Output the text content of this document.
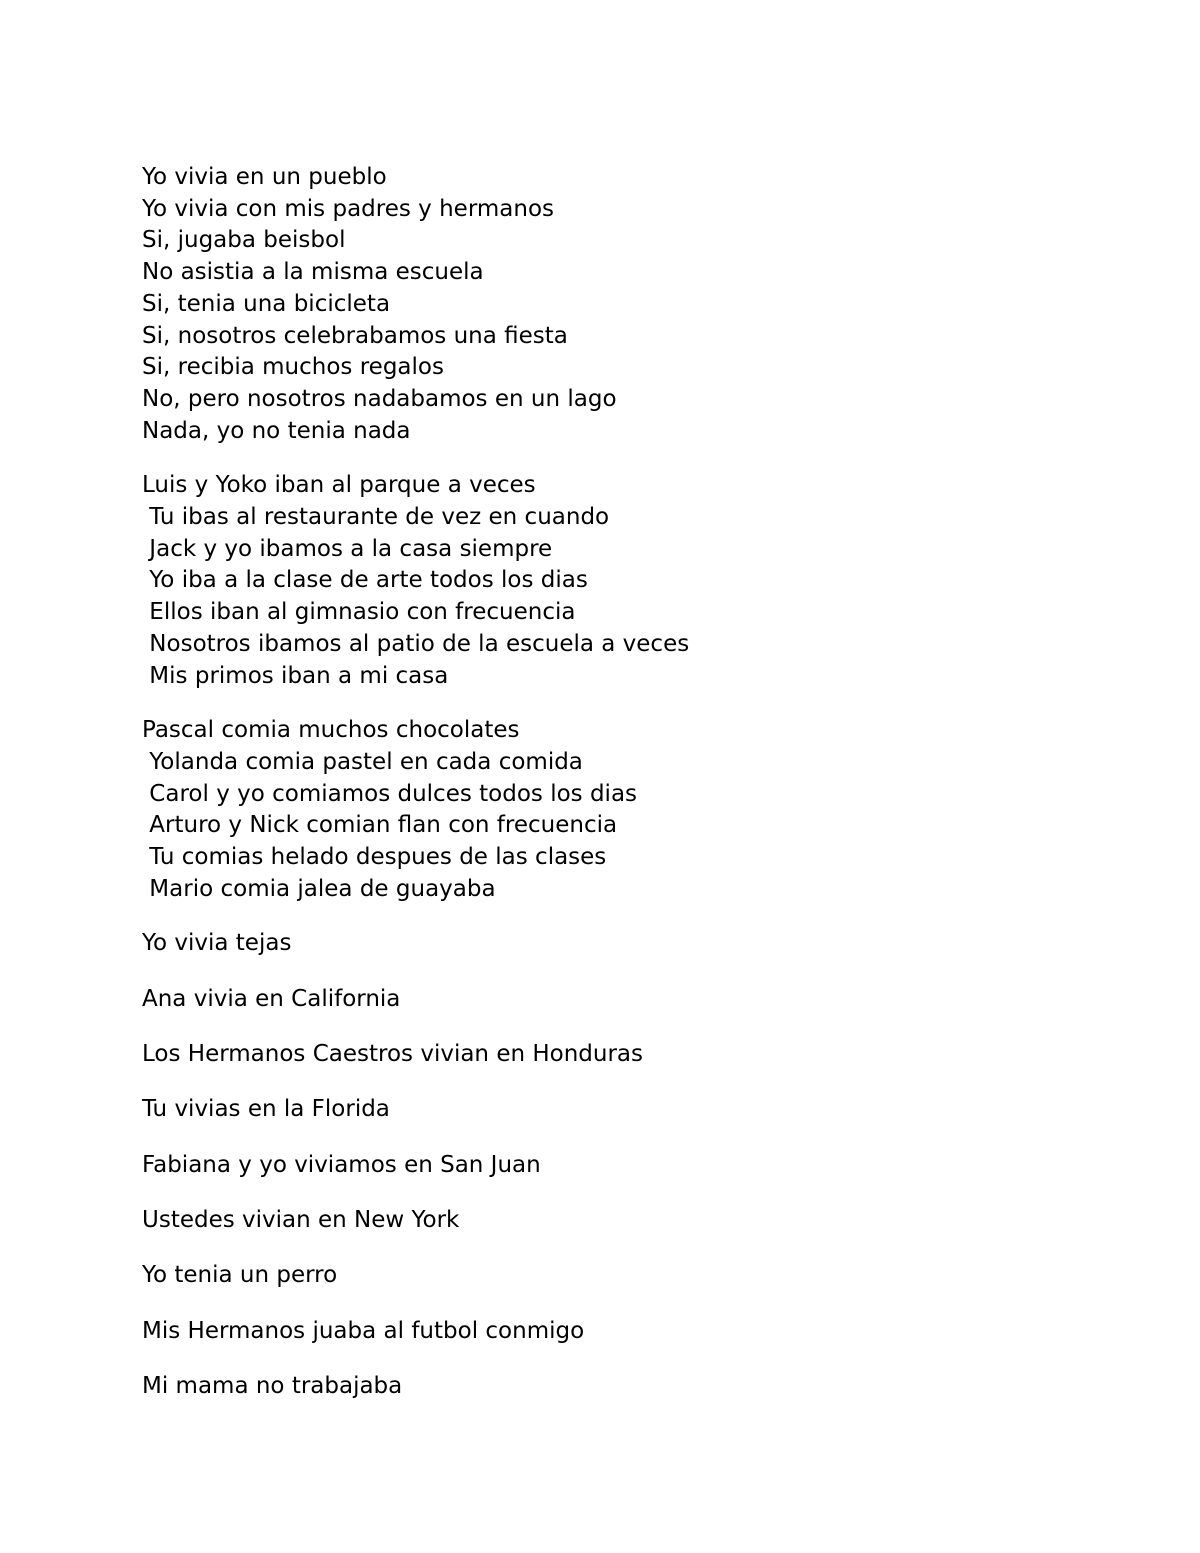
Yo vivia en un pueblo
Yo vivia con mis padres y hermanos
Si, jugaba beisbol
No asistia a la misma escuela
Si, tenia una bicicleta
Si, nosotros celebrabamos una fiesta
Si, recibia muchos regalos
No, pero nosotros nadabamos en un lago
Nada, yo no tenia nada
Luis y Yoko iban al parque a veces
Tu ibas al restaurante de vez en cuando
Jack y yo ibamos a la casa siempre
Yo iba a la clase de arte todos los dias
Ellos iban al gimnasio con frecuencia
Nosotros ibamos al patio de la escuela a veces
Mis primos iban a mi casa
Pascal comia muchos chocolates
Yolanda comia pastel en cada comida
Carol y yo comiamos dulces todos los dias
Arturo y Nick comian flan con frecuencia
Tu comias helado despues de las clases
Mario comia jalea de guayaba
Yo vivia tejas
Ana vivia en California
Los Hermanos Caestros vivian en Honduras
Tu vivias en la Florida
Fabiana y yo viviamos en San Juan
Ustedes vivian en New York
Yo tenia un perro
Mis Hermanos juaba al futbol conmigo
Mi mama no trabajaba
